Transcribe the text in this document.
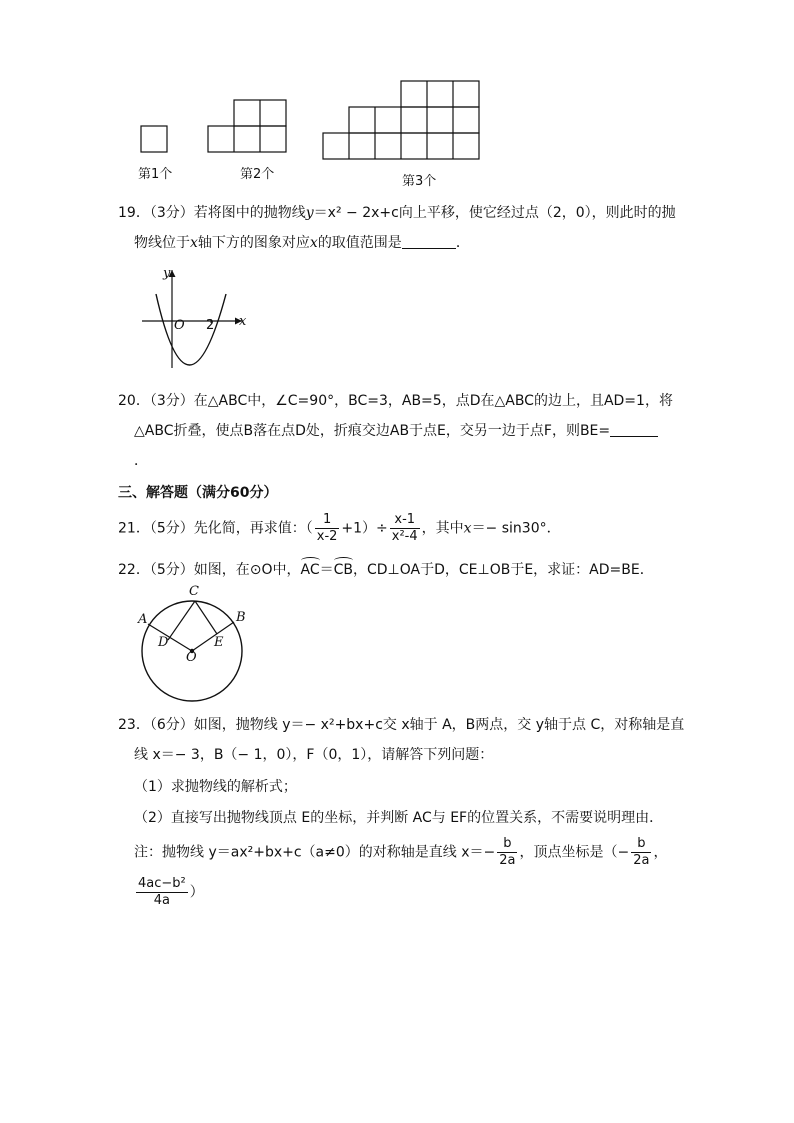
第1个	第2个	第3个
19．（3分）若将图中的抛物线y＝x² − 2x+c向上平移，使它经过点（2，0），则此时的抛
物线位于x轴下方的图象对应x的取值范围是	．
y
x
O 2
20．（3分）在△ABC中，∠C=90°，BC=3，AB=5，点D在△ABC的边上，且AD=1，将
△ABC折叠，使点B落在点D处，折痕交边AB于点E，交另一边于点F，则BE=
．
三、解答题（满分60分）
21．（5分）先化简，再求值：（ $\frac{1}{x-2} +1)\div \frac{x-1}{\text{x²-4}}$ ，其中x＝− sin30°．
22．（5分）如图，在⊙O中，AC＝CB，CD⊥OA于D，CE⊥OB于E，求证：AD=BE．
C
A	B
D	E
O
23．（6分）如图，抛物线 y＝− x²+bx+c交 x轴于 A，B两点，交 y轴于点 C，对称轴是直
线 x＝− 3，B（− 1，0），F（0，1），请解答下列问题：
（1）求抛物线的解析式；
（2）直接写出抛物线顶点 E的坐标，并判断 AC与 EF的位置关系，不需要说明理由．
注：抛物线 y＝ax²+bx+c（a≠0）的对称轴是直线 $x=- \frac{b}{2a}$ ，顶点坐标是（− $\frac{b}{2a}$ ，
$\frac{\text{4ac−b²}}{4a}$ ）
